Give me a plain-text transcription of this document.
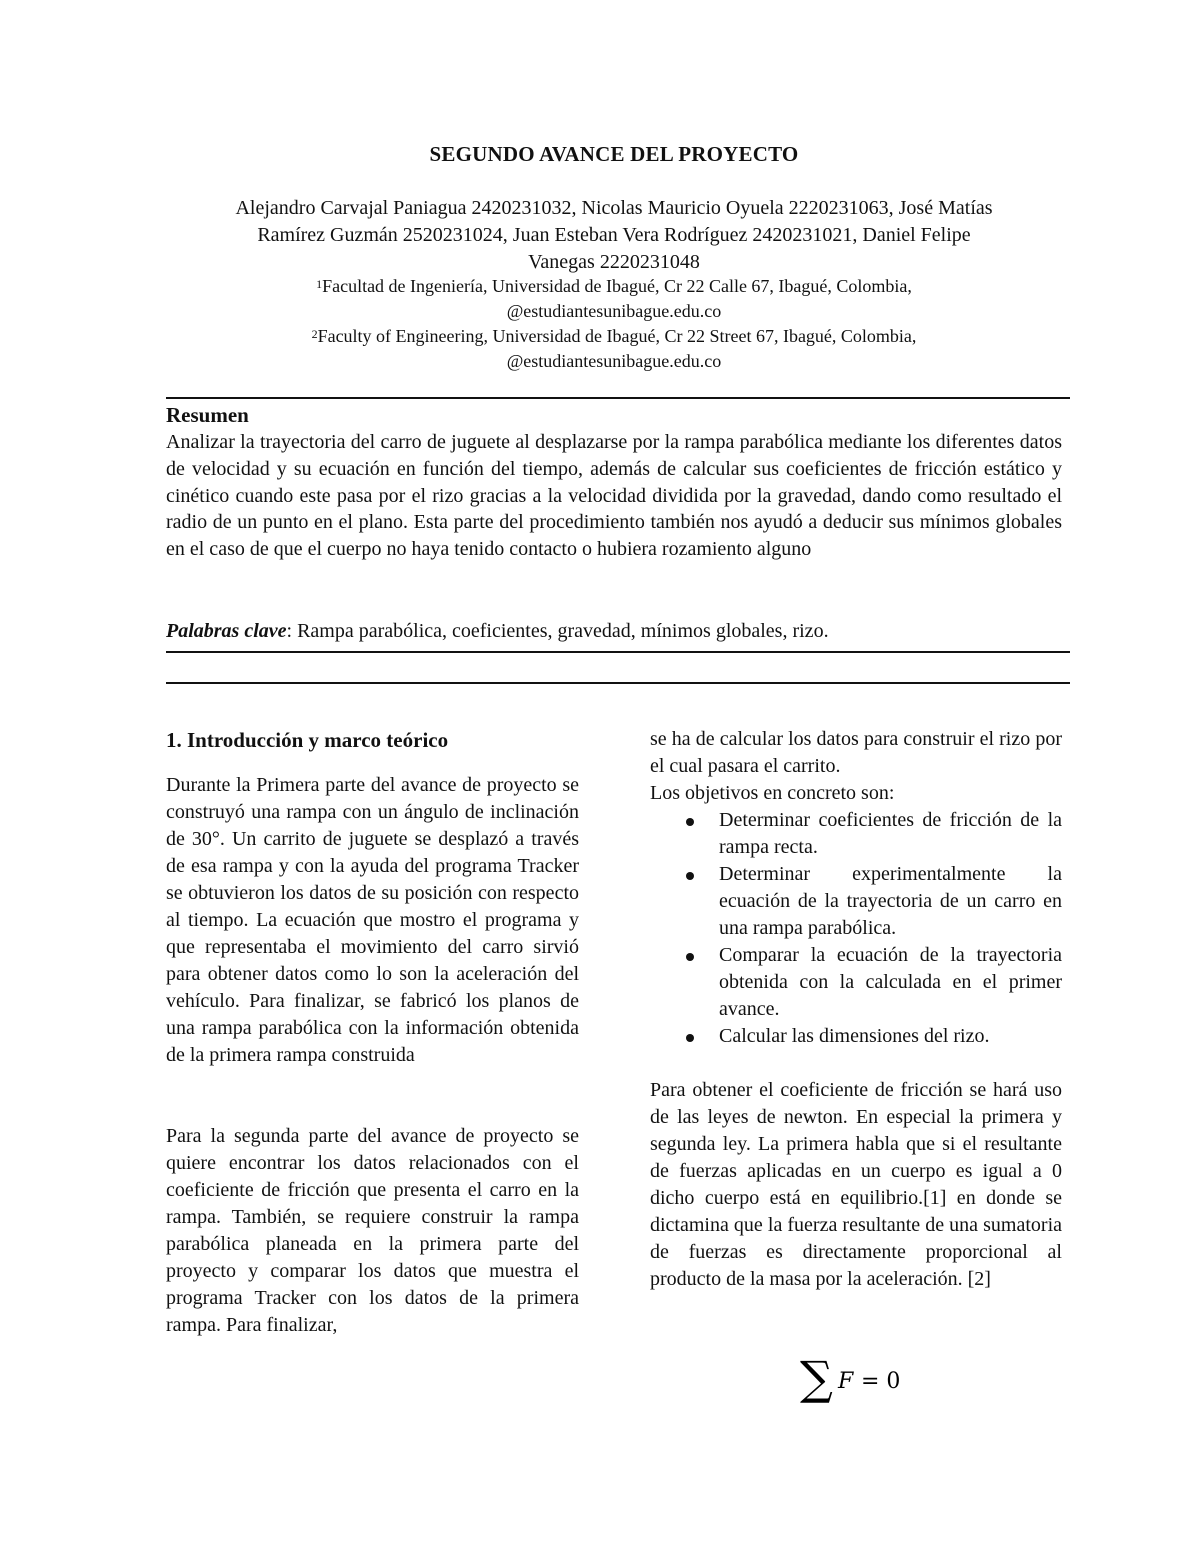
SEGUNDO AVANCE DEL PROYECTO
Alejandro Carvajal Paniagua 2420231032, Nicolas Mauricio Oyuela 2220231063, José Matías
Ramírez Guzmán 2520231024, Juan Esteban Vera Rodríguez 2420231021, Daniel Felipe
Vanegas 2220231048
$^1$Facultad de Ingeniería, Universidad de Ibagué, Cr 22 Calle 67, Ibagué, Colombia,
@estudiantesunibague.edu.co
$^2$Faculty of Engineering, Universidad de Ibagué, Cr 22 Street 67, Ibagué, Colombia,
@estudiantesunibague.edu.co
Resumen
Analizar la trayectoria del carro de juguete al desplazarse por la rampa parabólica mediante los diferentes datos de velocidad y su ecuación en función del tiempo, además de calcular sus coeficientes de fricción estático y cinético cuando este pasa por el rizo gracias a la velocidad dividida por la gravedad, dando como resultado el radio de un punto en el plano. Esta parte del procedimiento también nos ayudó a deducir sus mínimos globales en el caso de que el cuerpo no haya tenido contacto o hubiera rozamiento alguno
Palabras clave: Rampa parabólica, coeficientes, gravedad, mínimos globales, rizo.
1. Introducción y marco teórico

Durante la Primera parte del avance de proyecto se construyó una rampa con un ángulo de inclinación de 30°. Un carrito de juguete se desplazó a través de esa rampa y con la ayuda del programa Tracker se obtuvieron los datos de su posición con respecto al tiempo. La ecuación que mostro el programa y que representaba el movimiento del carro sirvió para obtener datos como lo son la aceleración del vehículo. Para finalizar, se fabricó los planos de una rampa parabólica con la información obtenida de la primera rampa construida

Para la segunda parte del avance de proyecto se quiere encontrar los datos relacionados con el coeficiente de fricción que presenta el carro en la rampa. También, se requiere construir la rampa parabólica planeada en la primera parte del proyecto y comparar los datos que muestra el programa Tracker con los datos de la primera rampa. Para finalizar,

se ha de calcular los datos para construir el rizo por el cual pasara el carrito.

Los objetivos en concreto son:

Determinar coeficientes de fricción de la rampa recta.
Determinar experimentalmente la ecuación de la trayectoria de un carro en una rampa parabólica.
Comparar la ecuación de la trayectoria obtenida con la calculada en el primer avance.
Calcular las dimensiones del rizo.

Para obtener el coeficiente de fricción se hará uso de las leyes de newton. En especial la primera y segunda ley. La primera habla que si el resultante de fuerzas aplicadas en un cuerpo es igual a 0 dicho cuerpo está en equilibrio.[1] en donde se dictamina que la fuerza resultante de una sumatoria de fuerzas es directamente proporcional al producto de la masa por la aceleración. [2]

∑ F = 0
